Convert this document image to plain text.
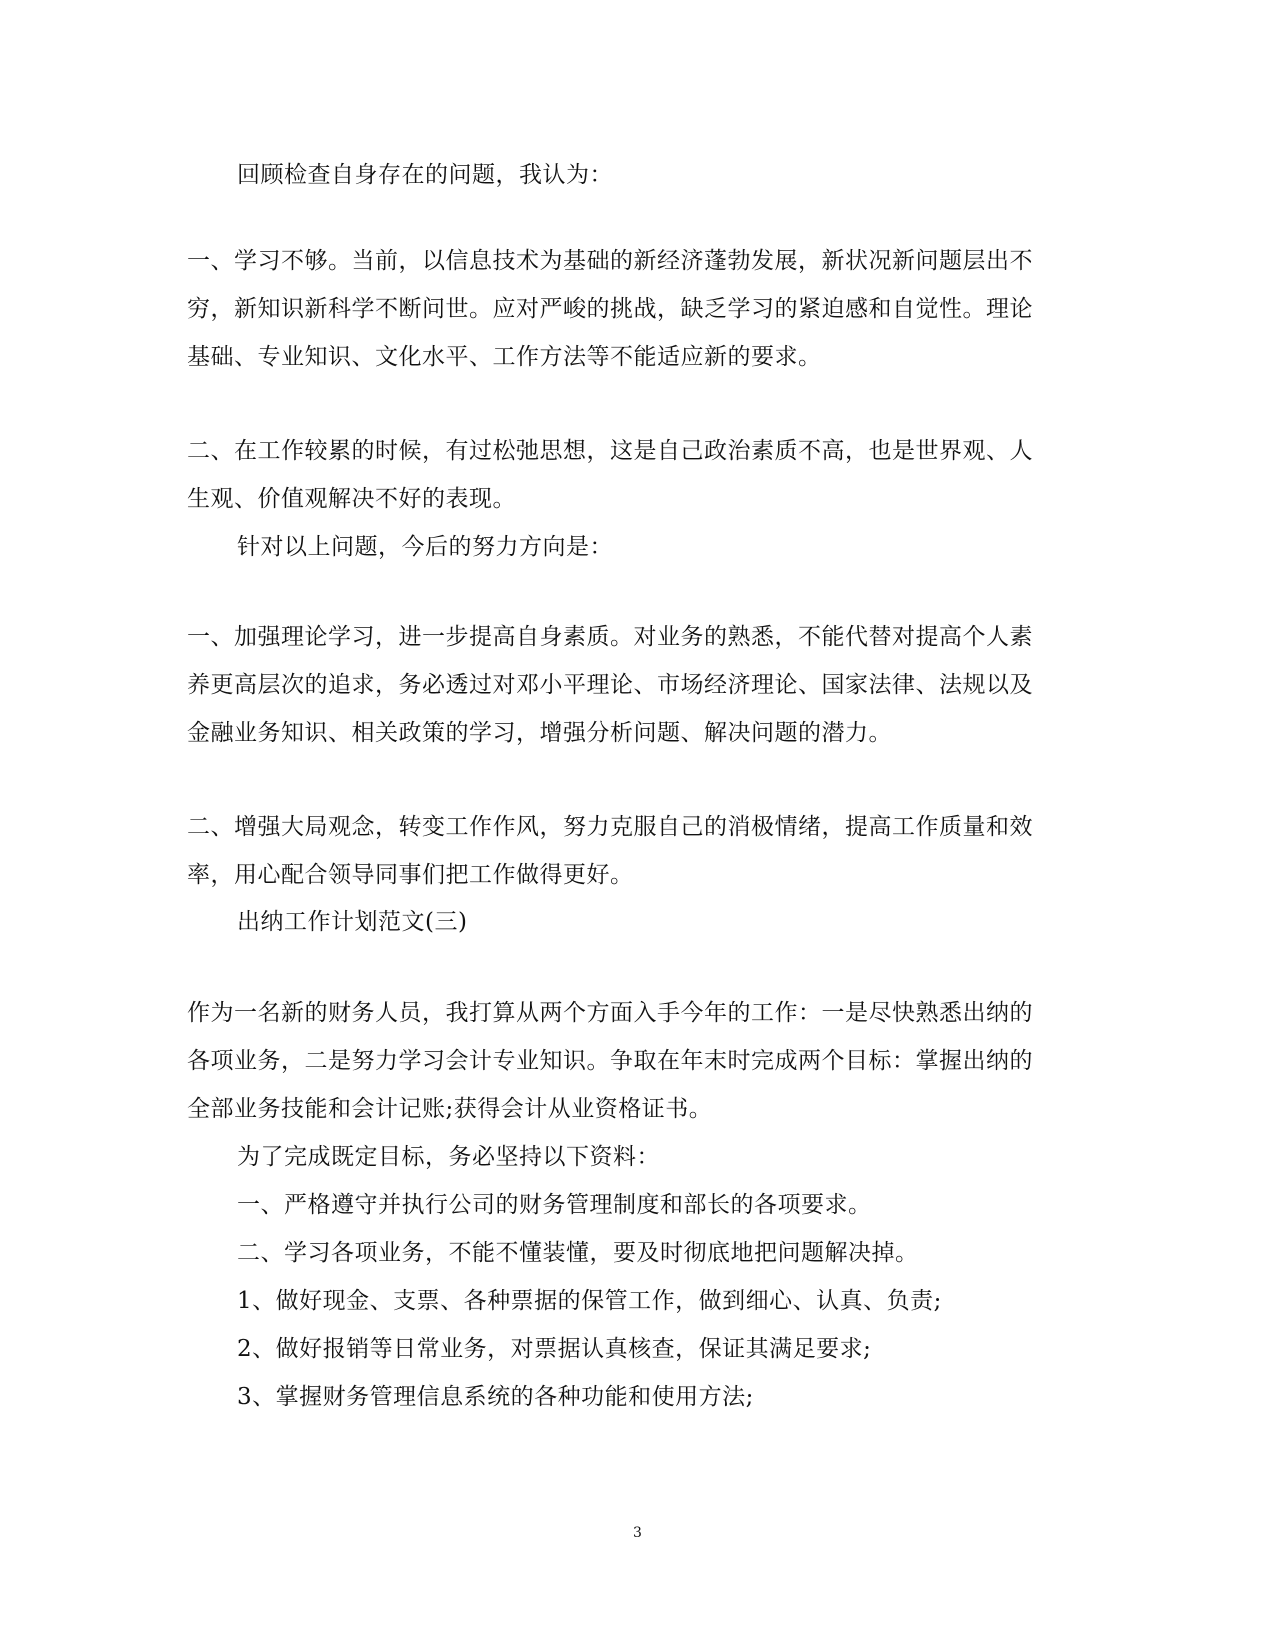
回顾检查自身存在的问题，我认为：
一、学习不够。当前，以信息技术为基础的新经济蓬勃发展，新状况新问题层出不
穷，新知识新科学不断问世。应对严峻的挑战，缺乏学习的紧迫感和自觉性。理论
基础、专业知识、文化水平、工作方法等不能适应新的要求。
二、在工作较累的时候，有过松弛思想，这是自己政治素质不高，也是世界观、人
生观、价值观解决不好的表现。
针对以上问题，今后的努力方向是：
一、加强理论学习，进一步提高自身素质。对业务的熟悉，不能代替对提高个人素
养更高层次的追求，务必透过对邓小平理论、市场经济理论、国家法律、法规以及
金融业务知识、相关政策的学习，增强分析问题、解决问题的潜力。
二、增强大局观念，转变工作作风，努力克服自己的消极情绪，提高工作质量和效
率，用心配合领导同事们把工作做得更好。
出纳工作计划范文(三)
作为一名新的财务人员，我打算从两个方面入手今年的工作：一是尽快熟悉出纳的
各项业务，二是努力学习会计专业知识。争取在年末时完成两个目标：掌握出纳的
全部业务技能和会计记账;获得会计从业资格证书。
为了完成既定目标，务必坚持以下资料：
一、严格遵守并执行公司的财务管理制度和部长的各项要求。
二、学习各项业务，不能不懂装懂，要及时彻底地把问题解决掉。
1、做好现金、支票、各种票据的保管工作，做到细心、认真、负责;
2、做好报销等日常业务，对票据认真核查，保证其满足要求;
3、掌握财务管理信息系统的各种功能和使用方法;
3
